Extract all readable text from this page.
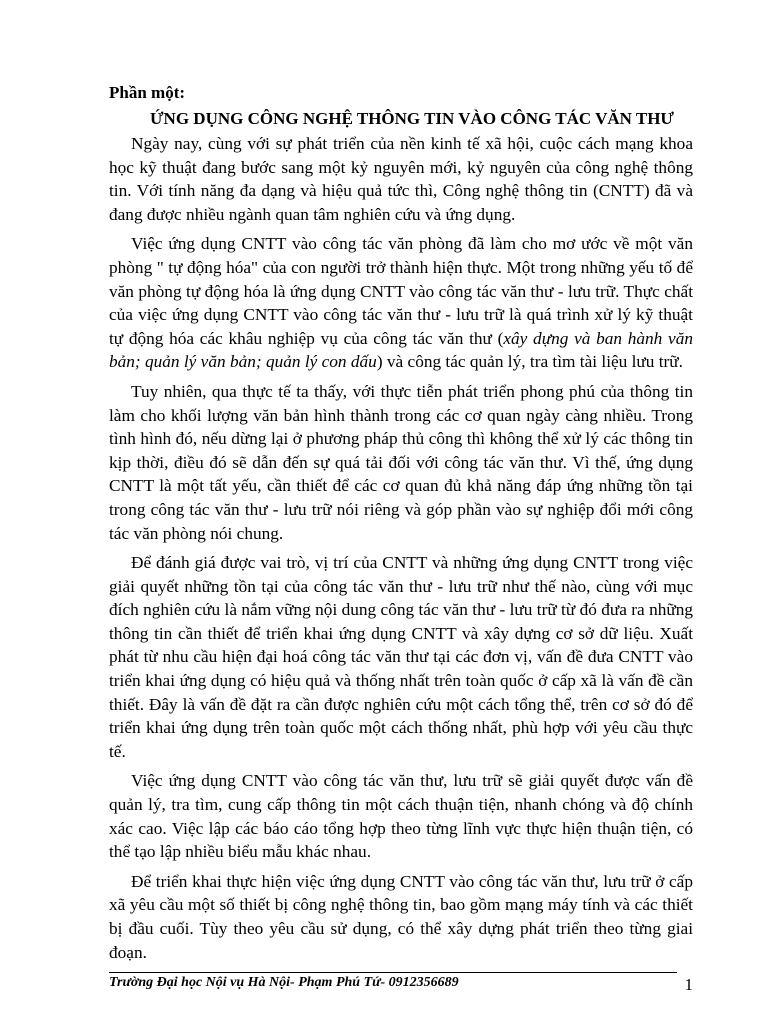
Phần một:

ỨNG DỤNG CÔNG NGHỆ THÔNG TIN VÀO CÔNG TÁC VĂN THƯ

Ngày nay, cùng với sự phát triển của nền kinh tế xã hội, cuộc cách mạng khoa học kỹ thuật đang bước sang một kỷ nguyên mới, kỷ nguyên của công nghệ thông tin. Với tính năng đa dạng và hiệu quả tức thì, Công nghệ thông tin (CNTT) đã và đang được nhiều ngành quan tâm nghiên cứu và ứng dụng.

Việc ứng dụng CNTT vào công tác văn phòng đã làm cho mơ ước về một văn phòng " tự động hóa" của con người trở thành hiện thực. Một trong những yếu tố để văn phòng tự động hóa là ứng dụng CNTT vào công tác văn thư - lưu trữ. Thực chất của việc ứng dụng CNTT vào công tác văn thư - lưu trữ là quá trình xử lý kỹ thuật tự động hóa các khâu nghiệp vụ của công tác văn thư (xây dựng và ban hành văn bản; quản lý văn bản; quản lý con dấu) và công tác quản lý, tra tìm tài liệu lưu trữ.

Tuy nhiên, qua thực tế ta thấy, với thực tiễn phát triển phong phú của thông tin làm cho khối lượng văn bản hình thành trong các cơ quan ngày càng nhiều. Trong tình hình đó, nếu dừng lại ở phương pháp thủ công thì không thể xử lý các thông tin kịp thời, điều đó sẽ dẫn đến sự quá tải đối với công tác văn thư. Vì thế, ứng dụng CNTT là một tất yếu, cần thiết để các cơ quan đủ khả năng đáp ứng những tồn tại trong công tác văn thư - lưu trữ nói riêng và góp phần vào sự nghiệp đổi mới công tác văn phòng nói chung.

Để đánh giá được vai trò, vị trí của CNTT và những ứng dụng CNTT trong việc giải quyết những tồn tại của công tác văn thư - lưu trữ như thế nào, cùng với mục đích nghiên cứu là nắm vững nội dung công tác văn thư - lưu trữ từ đó đưa ra những thông tin cần thiết để triển khai ứng dụng CNTT và xây dựng cơ sở dữ liệu. Xuất phát từ nhu cầu hiện đại hoá công tác văn thư tại các đơn vị, vấn đề đưa CNTT vào triển khai ứng dụng có hiệu quả và thống nhất trên toàn quốc ở cấp xã là vấn đề cần thiết. Đây là vấn đề đặt ra cần được nghiên cứu một cách tổng thể, trên cơ sở đó để triển khai ứng dụng trên toàn quốc một cách thống nhất, phù hợp với yêu cầu thực tế.

Việc ứng dụng CNTT vào công tác văn thư, lưu trữ sẽ giải quyết được vấn đề quản lý, tra tìm, cung cấp thông tin một cách thuận tiện, nhanh chóng và độ chính xác cao. Việc lập các báo cáo tổng hợp theo từng lĩnh vực thực hiện thuận tiện, có thể tạo lập nhiều biểu mẫu khác nhau.

Để triển khai thực hiện việc ứng dụng CNTT vào công tác văn thư, lưu trữ ở cấp xã yêu cầu một số thiết bị công nghệ thông tin, bao gồm mạng máy tính và các thiết bị đầu cuối. Tùy theo yêu cầu sử dụng, có thể xây dựng phát triển theo từng giai đoạn.

Trường Đại học Nội vụ Hà Nội- Phạm Phú Tứ- 0912356689	1
